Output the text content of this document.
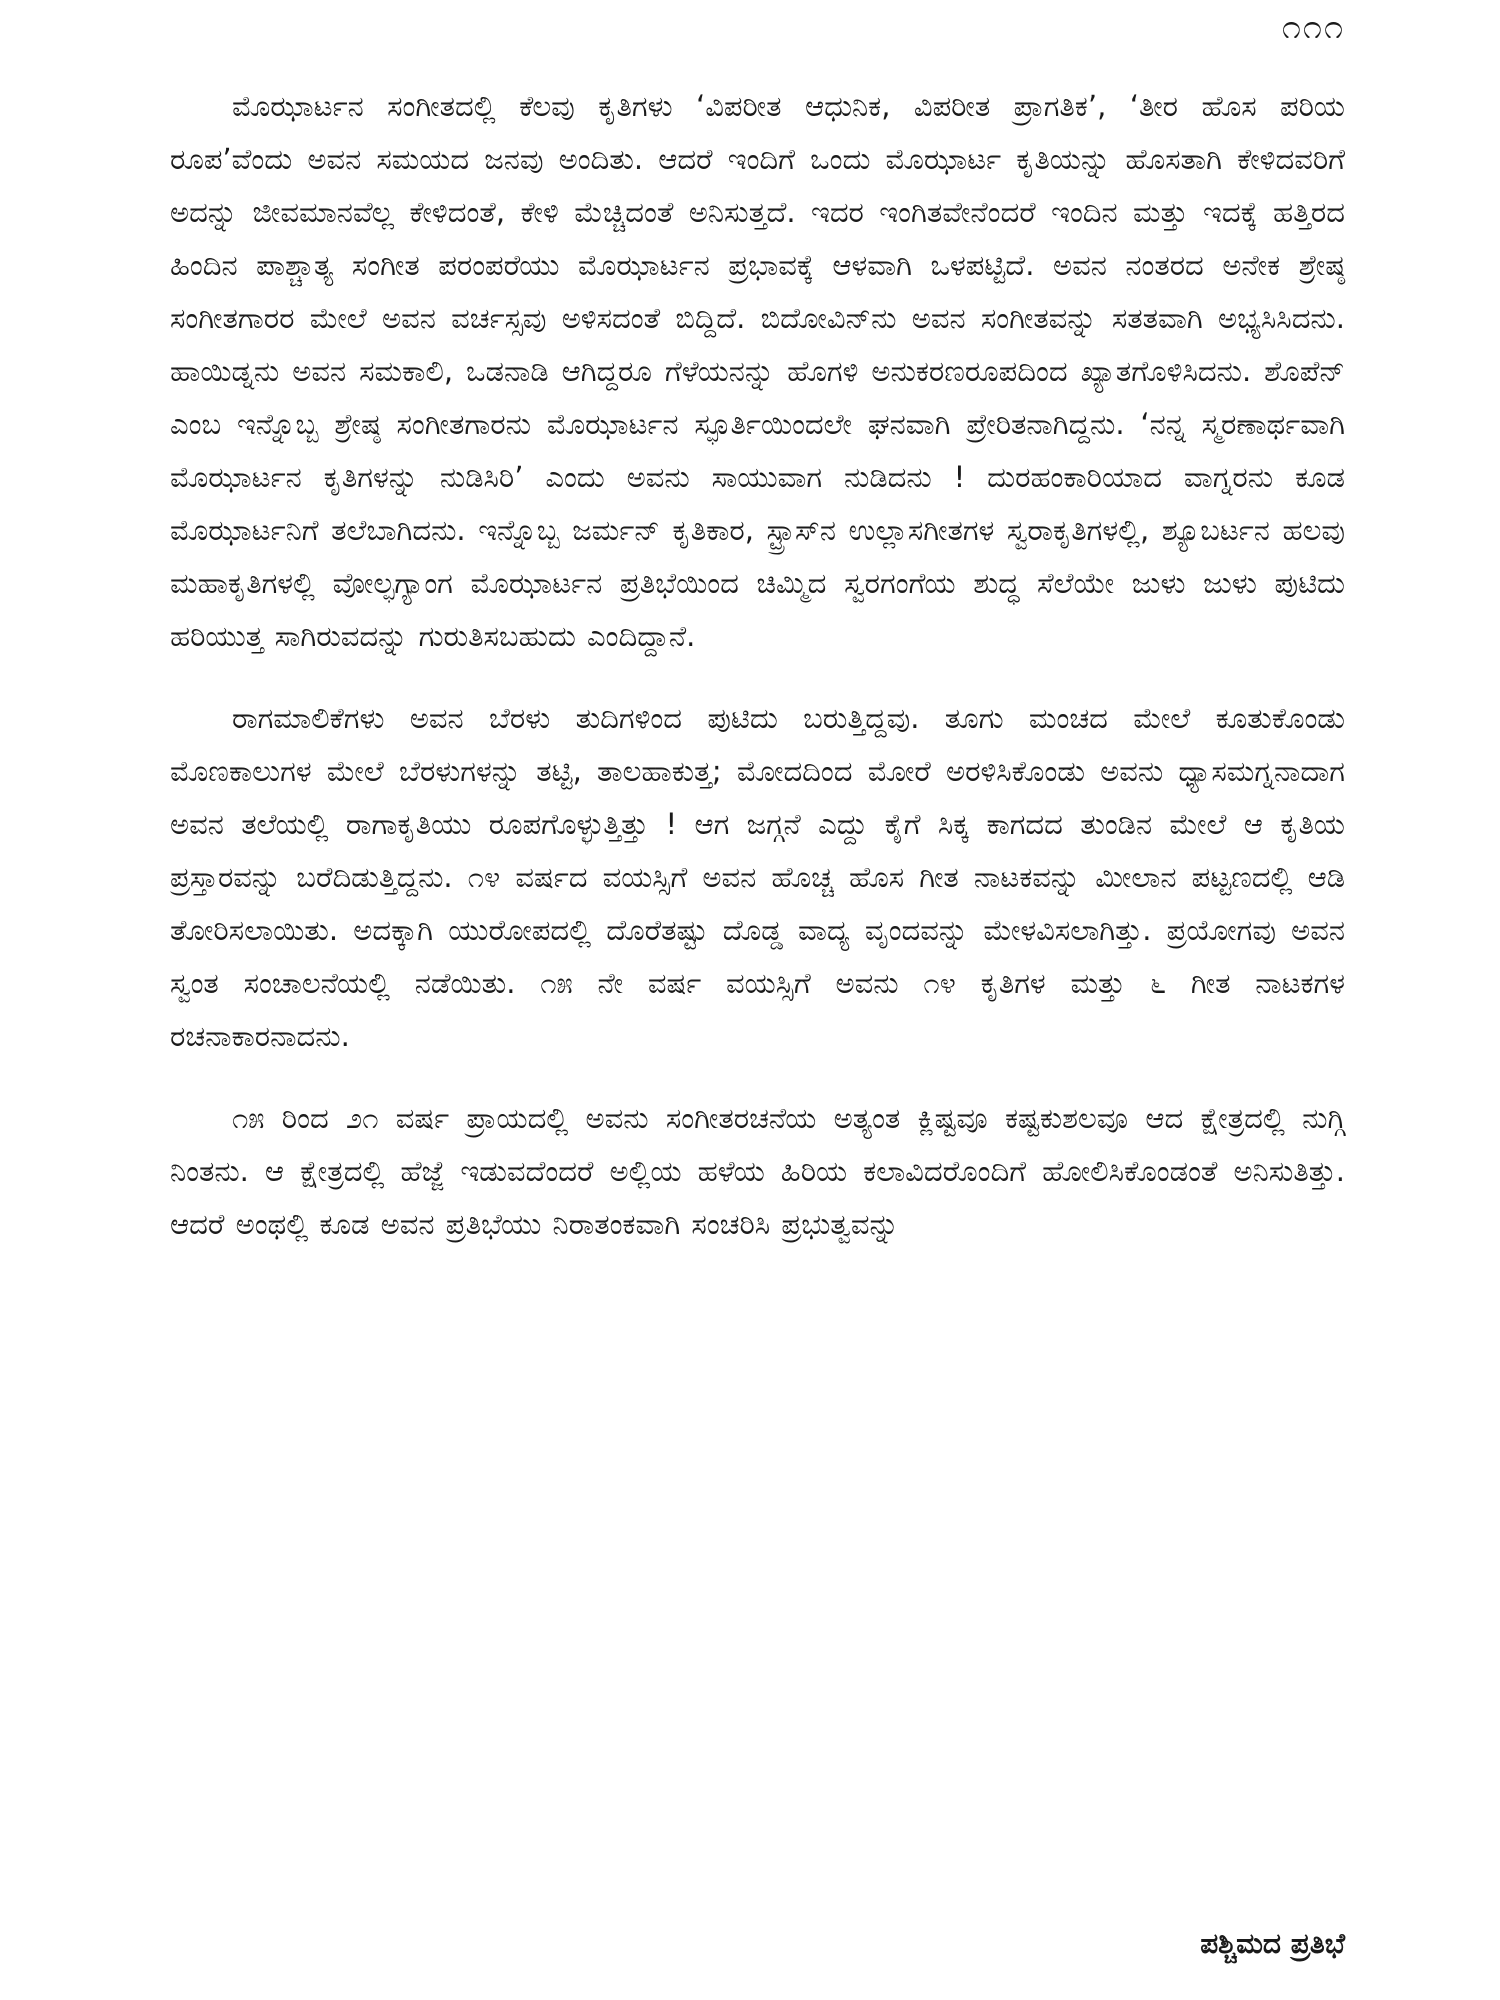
೧೧೧

ಮೊಝಾರ್ಟನ ಸಂಗೀತದಲ್ಲಿ ಕೆಲವು ಕೃತಿಗಳು ‘ವಿಪರೀತ ಆಧುನಿಕ, ವಿಪರೀತ ಪ್ರಾಗತಿಕ’, ‘ತೀರ ಹೊಸ ಪರಿಯ ರೂಪ’ವೆಂದು ಅವನ ಸಮಯದ ಜನವು ಅಂದಿತು. ಆದರೆ ಇಂದಿಗೆ ಒಂದು ಮೊಝಾರ್ಟ ಕೃತಿಯನ್ನು ಹೊಸತಾಗಿ ಕೇಳಿದವರಿಗೆ ಅದನ್ನು ಜೀವಮಾನವೆಲ್ಲ ಕೇಳಿದಂತೆ, ಕೇಳಿ ಮೆಚ್ಚಿದಂತೆ ಅನಿಸುತ್ತದೆ. ಇದರ ಇಂಗಿತವೇನೆಂದರೆ ಇಂದಿನ ಮತ್ತು ಇದಕ್ಕೆ ಹತ್ತಿರದ ಹಿಂದಿನ ಪಾಶ್ಚಾತ್ಯ ಸಂಗೀತ ಪರಂಪರೆಯು ಮೊಝಾರ್ಟನ ಪ್ರಭಾವಕ್ಕೆ ಆಳವಾಗಿ ಒಳಪಟ್ಟಿದೆ. ಅವನ ನಂತರದ ಅನೇಕ ಶ್ರೇಷ್ಠ ಸಂಗೀತಗಾರರ ಮೇಲೆ ಅವನ ವರ್ಚಸ್ಸವು ಅಳಿಸದಂತೆ ಬಿದ್ದಿದೆ. ಬಿದೋವಿನ್‌ನು ಅವನ ಸಂಗೀತವನ್ನು ಸತತವಾಗಿ ಅಭ್ಯಸಿಸಿದನು. ಹಾಯಿಡ್ನನು ಅವನ ಸಮಕಾಲಿ, ಒಡನಾಡಿ ಆಗಿದ್ದರೂ ಗೆಳೆಯನನ್ನು ಹೊಗಳಿ ಅನುಕರಣರೂಪದಿಂದ ಖ್ಯಾತಗೊಳಿಸಿದನು. ಶೊಪೆನ್ ಎಂಬ ಇನ್ನೊಬ್ಬ ಶ್ರೇಷ್ಠ ಸಂಗೀತಗಾರನು ಮೊಝಾರ್ಟನ ಸ್ಫೂರ್ತಿಯಿಂದಲೇ ಘನವಾಗಿ ಪ್ರೇರಿತನಾಗಿದ್ದನು. ‘ನನ್ನ ಸ್ಮರಣಾರ್ಥವಾಗಿ ಮೊಝಾರ್ಟನ ಕೃತಿಗಳನ್ನು ನುಡಿಸಿರಿ’ ಎಂದು ಅವನು ಸಾಯುವಾಗ ನುಡಿದನು ! ದುರಹಂಕಾರಿಯಾದ ವಾಗ್ನರನು ಕೂಡ ಮೊಝಾರ್ಟನಿಗೆ ತಲೆಬಾಗಿದನು. ಇನ್ನೊಬ್ಬ ಜರ್ಮನ್ ಕೃತಿಕಾರ, ಸ್ಟ್ರಾಸ್‌ನ ಉಲ್ಲಾಸಗೀತಗಳ ಸ್ವರಾಕೃತಿಗಳಲ್ಲಿ, ಶ್ಯೂಬರ್ಟನ ಹಲವು ಮಹಾಕೃತಿಗಳಲ್ಲಿ ವೋಲ್ಫಗ್ಯಾಂಗ ಮೊಝಾರ್ಟನ ಪ್ರತಿಭೆಯಿಂದ ಚಿಮ್ಮಿದ ಸ್ವರಗಂಗೆಯ ಶುದ್ಧ ಸೆಲೆಯೇ ಜುಳು ಜುಳು ಪುಟಿದು ಹರಿಯುತ್ತ ಸಾಗಿರುವದನ್ನು ಗುರುತಿಸಬಹುದು ಎಂದಿದ್ದಾನೆ.

ರಾಗಮಾಲಿಕೆಗಳು ಅವನ ಬೆರಳು ತುದಿಗಳಿಂದ ಪುಟಿದು ಬರುತ್ತಿದ್ದವು. ತೂಗು ಮಂಚದ ಮೇಲೆ ಕೂತುಕೊಂಡು ಮೊಣಕಾಲುಗಳ ಮೇಲೆ ಬೆರಳುಗಳನ್ನು ತಟ್ಟಿ, ತಾಲಹಾಕುತ್ತ; ಮೋದದಿಂದ ಮೋರೆ ಅರಳಿಸಿಕೊಂಡು ಅವನು ಧ್ಯಾಸಮಗ್ನನಾದಾಗ ಅವನ ತಲೆಯಲ್ಲಿ ರಾಗಾಕೃತಿಯು ರೂಪಗೊಳ್ಳುತ್ತಿತ್ತು ! ಆಗ ಜಗ್ಗನೆ ಎದ್ದು ಕೈಗೆ ಸಿಕ್ಕ ಕಾಗದದ ತುಂಡಿನ ಮೇಲೆ ಆ ಕೃತಿಯ ಪ್ರಸ್ತಾರವನ್ನು ಬರೆದಿಡುತ್ತಿದ್ದನು. ೧೪ ವರ್ಷದ ವಯಸ್ಸಿಗೆ ಅವನ ಹೊಚ್ಚ ಹೊಸ ಗೀತ ನಾಟಕವನ್ನು ಮೀಲಾನ ಪಟ್ಟಣದಲ್ಲಿ ಆಡಿ ತೋರಿಸಲಾಯಿತು. ಅದಕ್ಕಾಗಿ ಯುರೋಪದಲ್ಲಿ ದೊರೆತಷ್ಟು ದೊಡ್ಡ ವಾದ್ಯ ವೃಂದವನ್ನು ಮೇಳವಿಸಲಾಗಿತ್ತು. ಪ್ರಯೋಗವು ಅವನ ಸ್ವಂತ ಸಂಚಾಲನೆಯಲ್ಲಿ ನಡೆಯಿತು. ೧೫ ನೇ ವರ್ಷ ವಯಸ್ಸಿಗೆ ಅವನು ೧೪ ಕೃತಿಗಳ ಮತ್ತು ೬ ಗೀತ ನಾಟಕಗಳ ರಚನಾಕಾರನಾದನು.

೧೫ ರಿಂದ ೨೧ ವರ್ಷ ಪ್ರಾಯದಲ್ಲಿ ಅವನು ಸಂಗೀತರಚನೆಯ ಅತ್ಯಂತ ಕ್ಲಿಷ್ಟವೂ ಕಷ್ಟಕುಶಲವೂ ಆದ ಕ್ಷೇತ್ರದಲ್ಲಿ ನುಗ್ಗಿ ನಿಂತನು. ಆ ಕ್ಷೇತ್ರದಲ್ಲಿ ಹೆಜ್ಜೆ ಇಡುವದೆಂದರೆ ಅಲ್ಲಿಯ ಹಳೆಯ ಹಿರಿಯ ಕಲಾವಿದರೊಂದಿಗೆ ಹೋಲಿಸಿಕೊಂಡಂತೆ ಅನಿಸುತಿತ್ತು. ಆದರೆ ಅಂಥಲ್ಲಿ ಕೂಡ ಅವನ ಪ್ರತಿಭೆಯು ನಿರಾತಂಕವಾಗಿ ಸಂಚರಿಸಿ ಪ್ರಭುತ್ವವನ್ನು

ಪಶ್ಚಿಮದ ಪ್ರತಿಭೆ
